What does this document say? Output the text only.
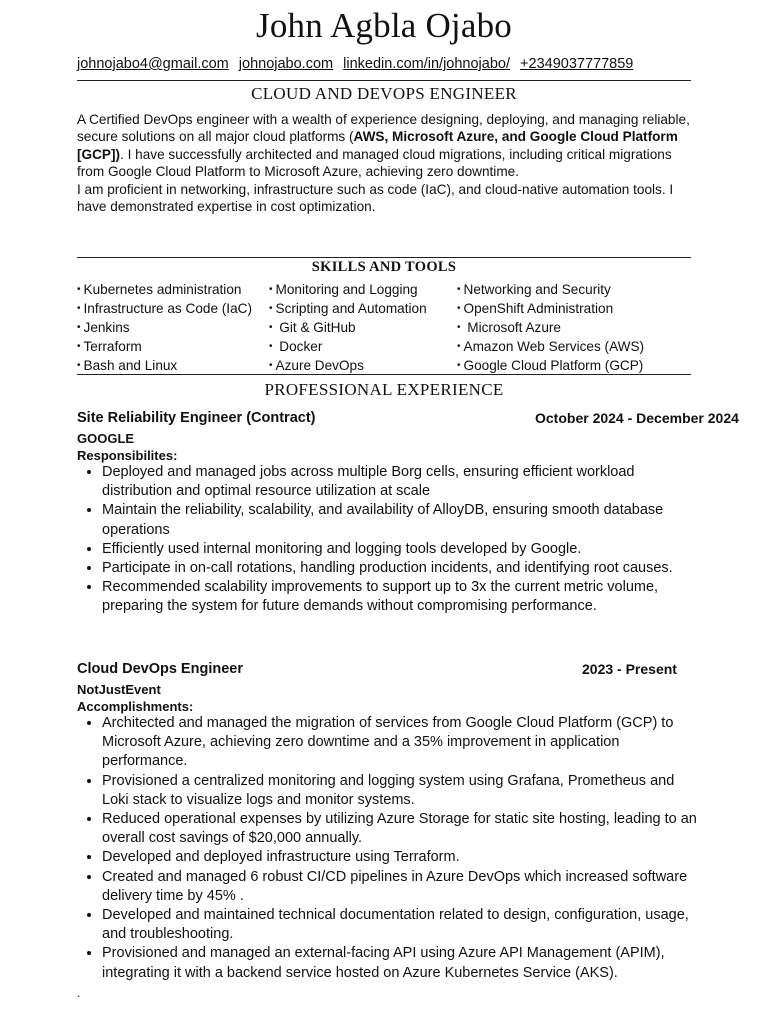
John Agbla Ojabo
johnojabo4@gmail.com johnojabo.com linkedin.com/in/johnojabo/ +2349037777859
CLOUD AND DEVOPS ENGINEER

A Certified DevOps engineer with a wealth of experience designing, deploying, and managing reliable, secure solutions on all major cloud platforms (AWS, Microsoft Azure, and Google Cloud Platform [GCP]). I have successfully architected and managed cloud migrations, including critical migrations from Google Cloud Platform to Microsoft Azure, achieving zero downtime.

I am proficient in networking, infrastructure such as code (IaC), and cloud-native automation tools. I have demonstrated expertise in cost optimization.

SKILLS AND TOOLS
• Kubernetes administration
• Infrastructure as Code (IaC)
• Jenkins
• Terraform
• Bash and Linux
• Monitoring and Logging
• Scripting and Automation
• Git & GitHub
• Docker
• Azure DevOps
• Networking and Security
• OpenShift Administration
• Microsoft Azure
• Amazon Web Services (AWS)
• Google Cloud Platform (GCP)
PROFESSIONAL EXPERIENCE
Site Reliability Engineer (Contract)	October 2024 - December 2024
GOOGLE
Responsibilites:
• Deployed and managed jobs across multiple Borg cells, ensuring efficient workload distribution and optimal resource utilization at scale
• Maintain the reliability, scalability, and availability of AlloyDB, ensuring smooth database operations
• Efficiently used internal monitoring and logging tools developed by Google.
• Participate in on-call rotations, handling production incidents, and identifying root causes.
• Recommended scalability improvements to support up to 3x the current metric volume, preparing the system for future demands without compromising performance.
Cloud DevOps Engineer	2023 - Present
NotJustEvent
Accomplishments:
• Architected and managed the migration of services from Google Cloud Platform (GCP) to Microsoft Azure, achieving zero downtime and a 35% improvement in application performance.
• Provisioned a centralized monitoring and logging system using Grafana, Prometheus and Loki stack to visualize logs and monitor systems.
• Reduced operational expenses by utilizing Azure Storage for static site hosting, leading to an overall cost savings of $20,000 annually.
• Developed and deployed infrastructure using Terraform.
• Created and managed 6 robust CI/CD pipelines in Azure DevOps which increased software delivery time by 45% .
• Developed and maintained technical documentation related to design, configuration, usage, and troubleshooting.
• Provisioned and managed an external-facing API using Azure API Management (APIM), integrating it with a backend service hosted on Azure Kubernetes Service (AKS).
.
